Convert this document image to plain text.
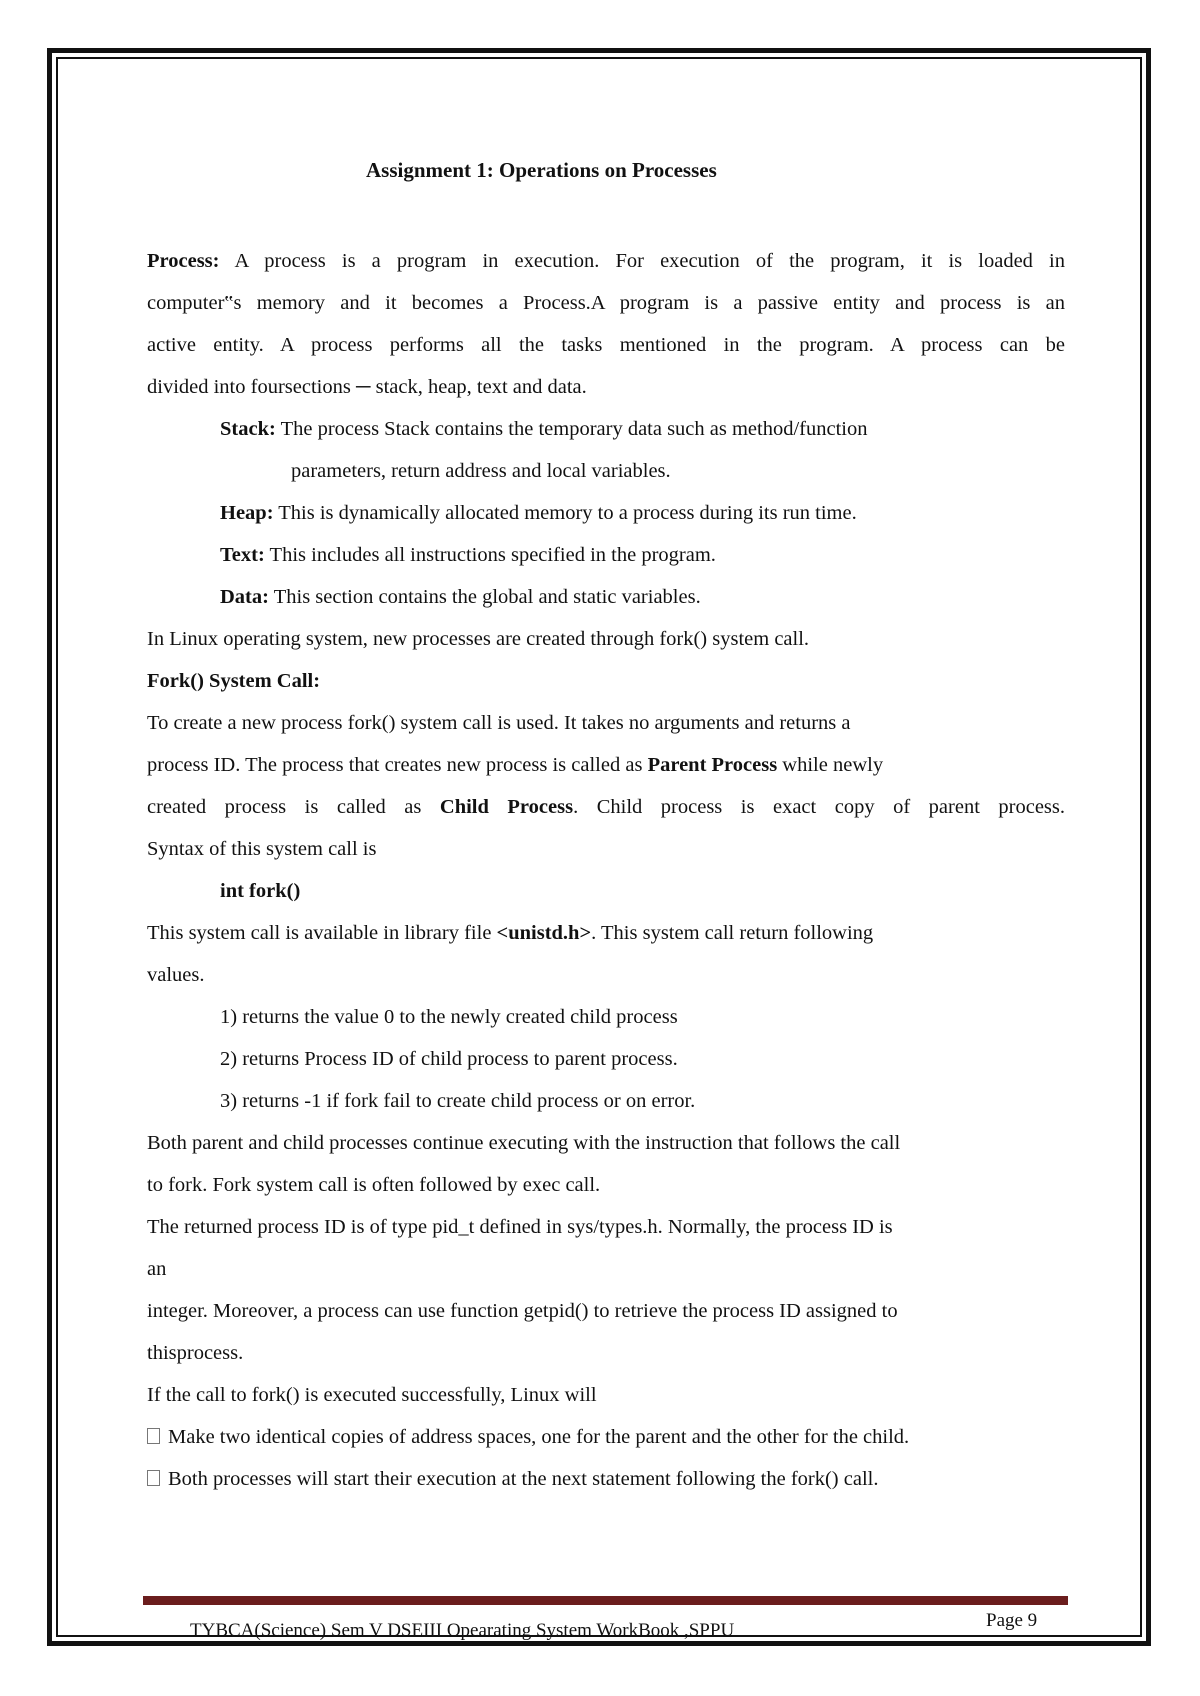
Assignment 1: Operations on Processes
Process: A process is a program in execution. For execution of the program, it is loaded in
computer‟s memory and it becomes a Process.A program is a passive entity and process is an
active entity. A process performs all the tasks mentioned in the program. A process can be
divided into foursections ─ stack, heap, text and data.
Stack: The process Stack contains the temporary data such as method/function
parameters, return address and local variables.
Heap: This is dynamically allocated memory to a process during its run time.
Text: This includes all instructions specified in the program.
Data: This section contains the global and static variables.
In Linux operating system, new processes are created through fork() system call.
Fork() System Call:
To create a new process fork() system call is used. It takes no arguments and returns a
process ID. The process that creates new process is called as Parent Process while newly
created process is called as Child Process. Child process is exact copy of parent process.
Syntax of this system call is
int fork()
This system call is available in library file <unistd.h>. This system call return following
values.
1) returns the value 0 to the newly created child process
2) returns Process ID of child process to parent process.
3) returns -1 if fork fail to create child process or on error.
Both parent and child processes continue executing with the instruction that follows the call
to fork. Fork system call is often followed by exec call.
The returned process ID is of type pid_t defined in sys/types.h. Normally, the process ID is
an
integer. Moreover, a process can use function getpid() to retrieve the process ID assigned to
thisprocess.
If the call to fork() is executed successfully, Linux will
Make two identical copies of address spaces, one for the parent and the other for the child.
Both processes will start their execution at the next statement following the fork() call.
TYBCA(Science) Sem V DSEIII Opearating System WorkBook ,SPPU	Page 9
